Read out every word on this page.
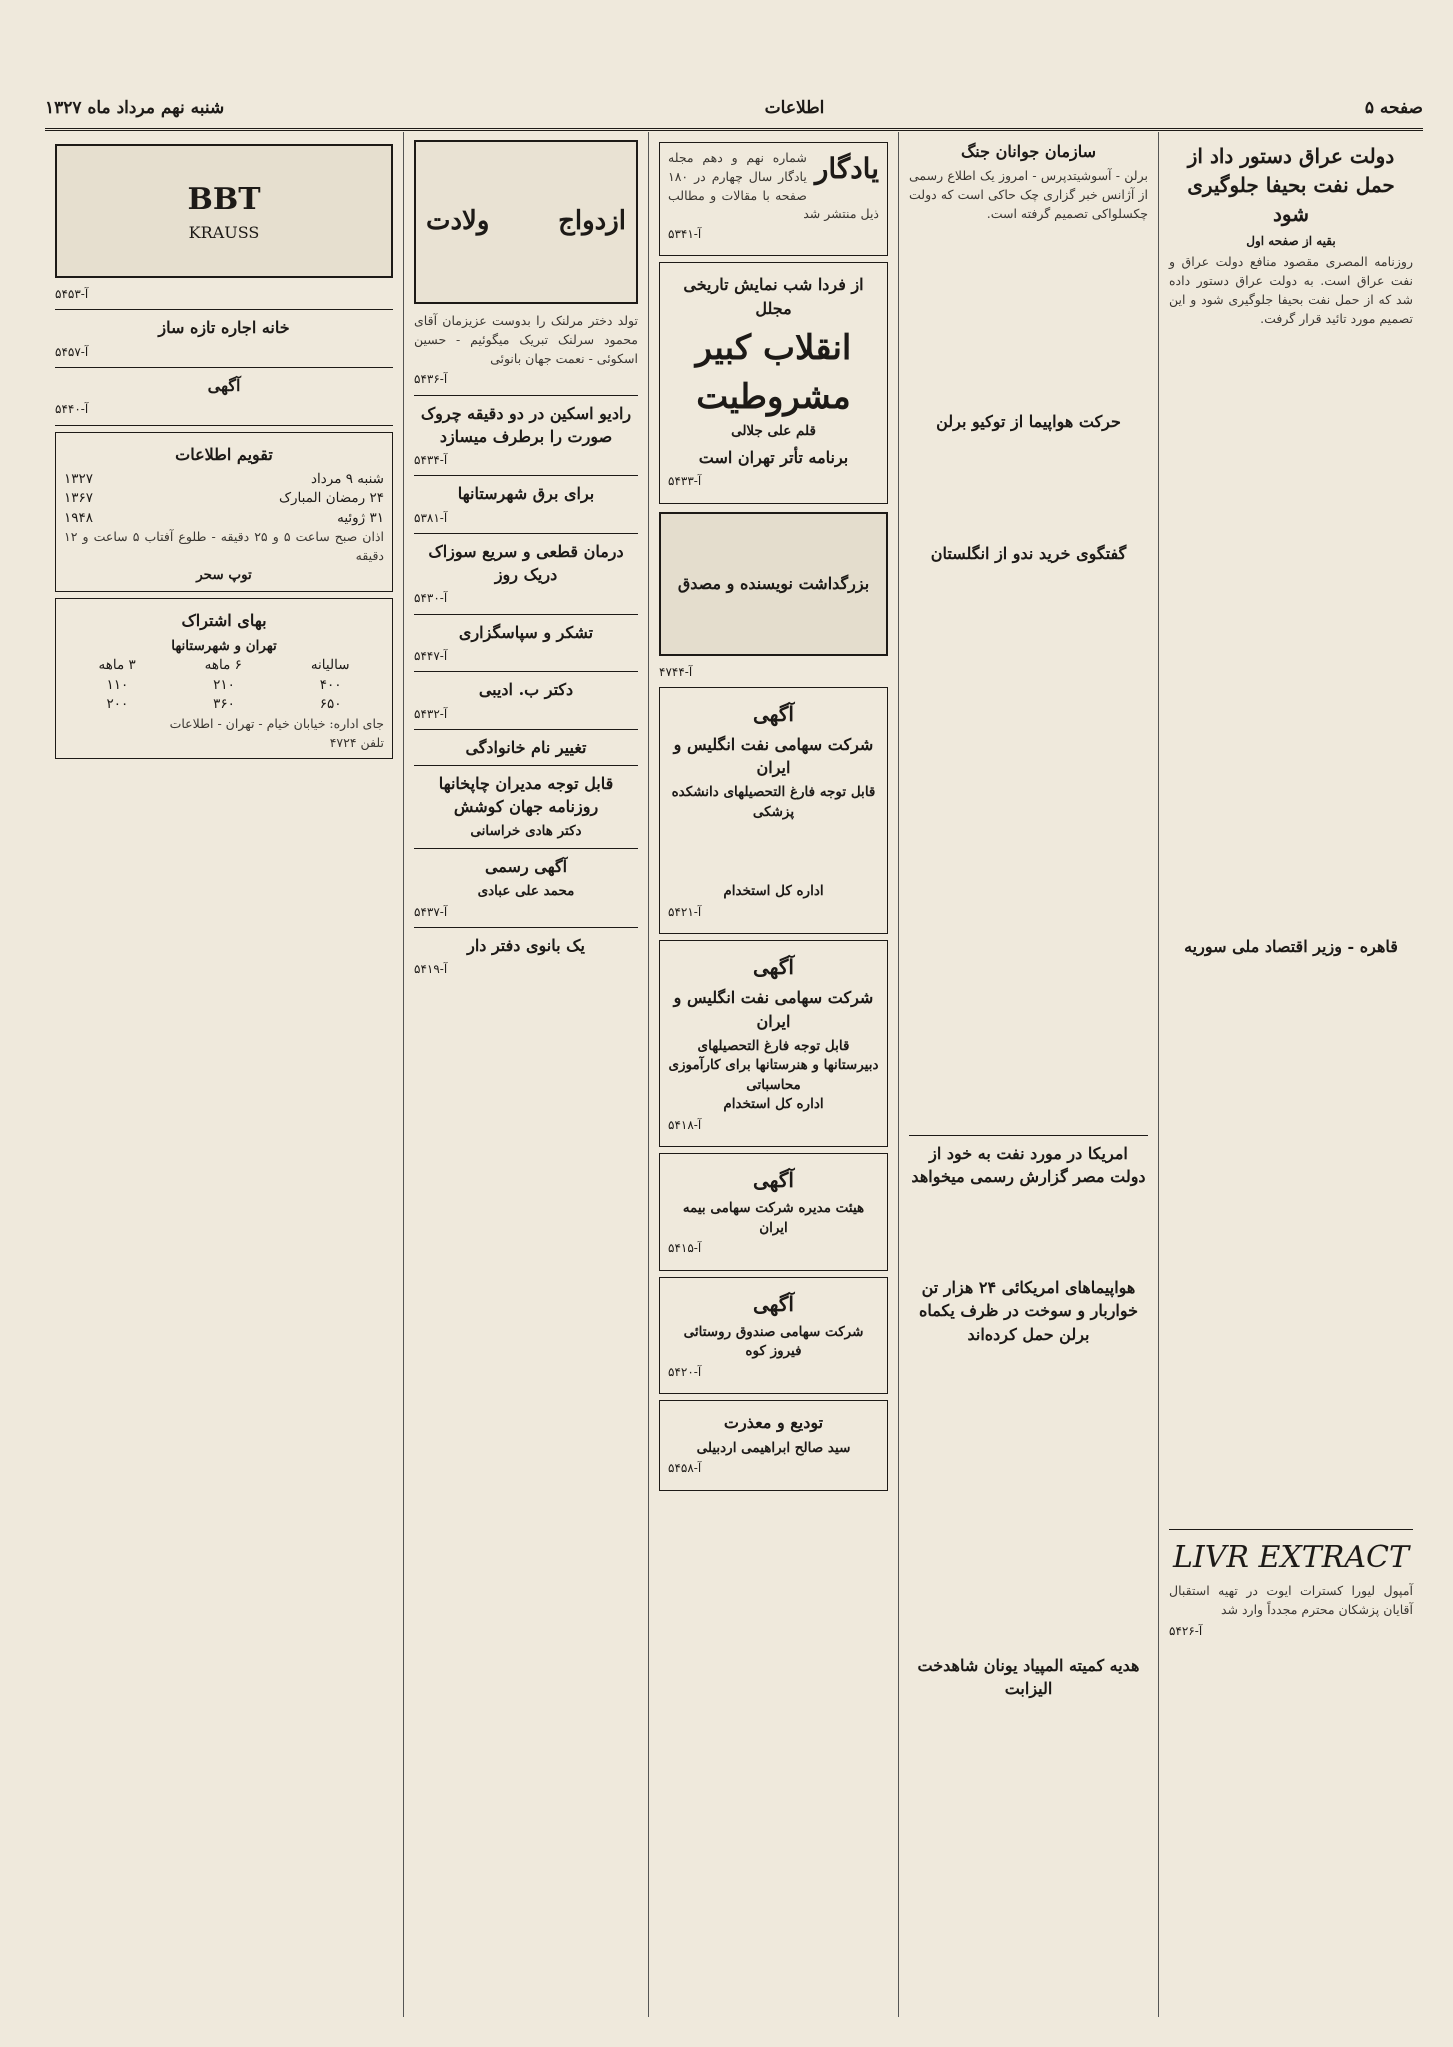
صفحه ۵
اطلاعات
شنبه نهم مرداد ماه ۱۳۲۷
دولت عراق دستور داد از حمل نفت بحیفا جلوگیری شود
بقیه از صفحه اول
روزنامه المصری مقصود منافع دولت عراق و نفت عراق است. به دولت عراق دستور داده شد که از حمل نفت بحیفا جلوگیری شود و این تصمیم مورد تائید قرار گرفت.
قاهره - وزیر اقتصاد ملی سوریه
LIVR EXTRACT
آمپول لیورا کسترات ایوت در تهیه استقبال آقایان پزشکان محترم مجدداً وارد شد
آ-۵۴۲۶
سازمان جوانان جنگ
برلن - آسوشیتدپرس - امروز یک اطلاع رسمی از آژانس خبر گزاری چک حاکی است که دولت چکسلواکی تصمیم گرفته است.
حرکت هواپیما از توکیو برلن
گفتگوی خرید ندو از انگلستان
امریکا در مورد نفت به خود از دولت مصر گزارش رسمی میخواهد
هواپیماهای امریکائی ۲۴ هزار تن خواربار و سوخت در ظرف یکماه برلن حمل کرده‌اند
هدیه کمیته المپیاد یونان شاهدخت الیزابت
یادگار
شماره نهم و دهم مجله یادگار سال چهارم در ۱۸۰ صفحه با مقالات و مطالب ذیل منتشر شد
آ-۵۳۴۱
از فردا شب نمایش تاریخی مجلل
انقلاب کبیر مشروطیت
قلم علی جلالی
برنامه تأتر تهران است
آ-۵۴۳۳
بزرگداشت نویسنده و مصدق
آ-۴۷۴۴
آگهی
شرکت سهامی نفت انگلیس و ایران
قابل توجه فارغ التحصیلهای دانشکده پزشکی
اداره کل استخدام
آ-۵۴۲۱
آگهی
شرکت سهامی نفت انگلیس و ایران
قابل توجه فارغ التحصیلهای دبیرستانها و هنرستانها برای کارآموزی محاسباتی
اداره کل استخدام
آ-۵۴۱۸
آگهی
هیئت مدیره شرکت سهامی بیمه ایران
آ-۵۴۱۵
آگهی
شرکت سهامی صندوق روستائی فیروز کوه
آ-۵۴۲۰
تودیع و معذرت
سید صالح ابراهیمی اردبیلی
آ-۵۴۵۸
ازدواج
ولادت
تولد دختر مرلنک را بدوست عزیزمان آقای محمود سرلنک تبریک میگوئیم - حسین اسکوئی - نعمت جهان بانوئی
آ-۵۴۳۶
رادیو اسکین در دو دقیقه چروک صورت را برطرف میسازد
آ-۵۴۳۴
برای برق شهرستانها
آ-۵۳۸۱
درمان قطعی و سریع سوزاک دریک روز
آ-۵۴۳۰
تشکر و سپاسگزاری
آ-۵۴۴۷
دکتر ب. ادیبی
آ-۵۴۳۲
تغییر نام خانوادگی
قابل توجه مدیران چاپخانها روزنامه جهان کوشش
دکتر هادی خراسانی
آگهی رسمی
محمد علی عبادی
آ-۵۴۳۷
یک بانوی دفتر دار
آ-۵۴۱۹
BBT
KRAUSS
آ-۵۴۵۳
خانه اجاره تازه ساز
آ-۵۴۵۷
آگهی
آ-۵۴۴۰
تقویم اطلاعات
شنبه ۹ مرداد
۱۳۲۷
۲۴ رمضان المبارک
۱۳۶۷
۳۱ ژوئیه
۱۹۴۸
اذان صبح ساعت ۵ و ۲۵ دقیقه - طلوع آفتاب ۵ ساعت و ۱۲ دقیقه
توپ سحر
بهای اشتراک
تهران و شهرستانها
سالیانه
۶ ماهه
۳ ماهه
۴۰۰
۲۱۰
۱۱۰
۶۵۰
۳۶۰
۲۰۰
جای اداره: خیابان خیام - تهران - اطلاعات
تلفن ۴۷۲۴
